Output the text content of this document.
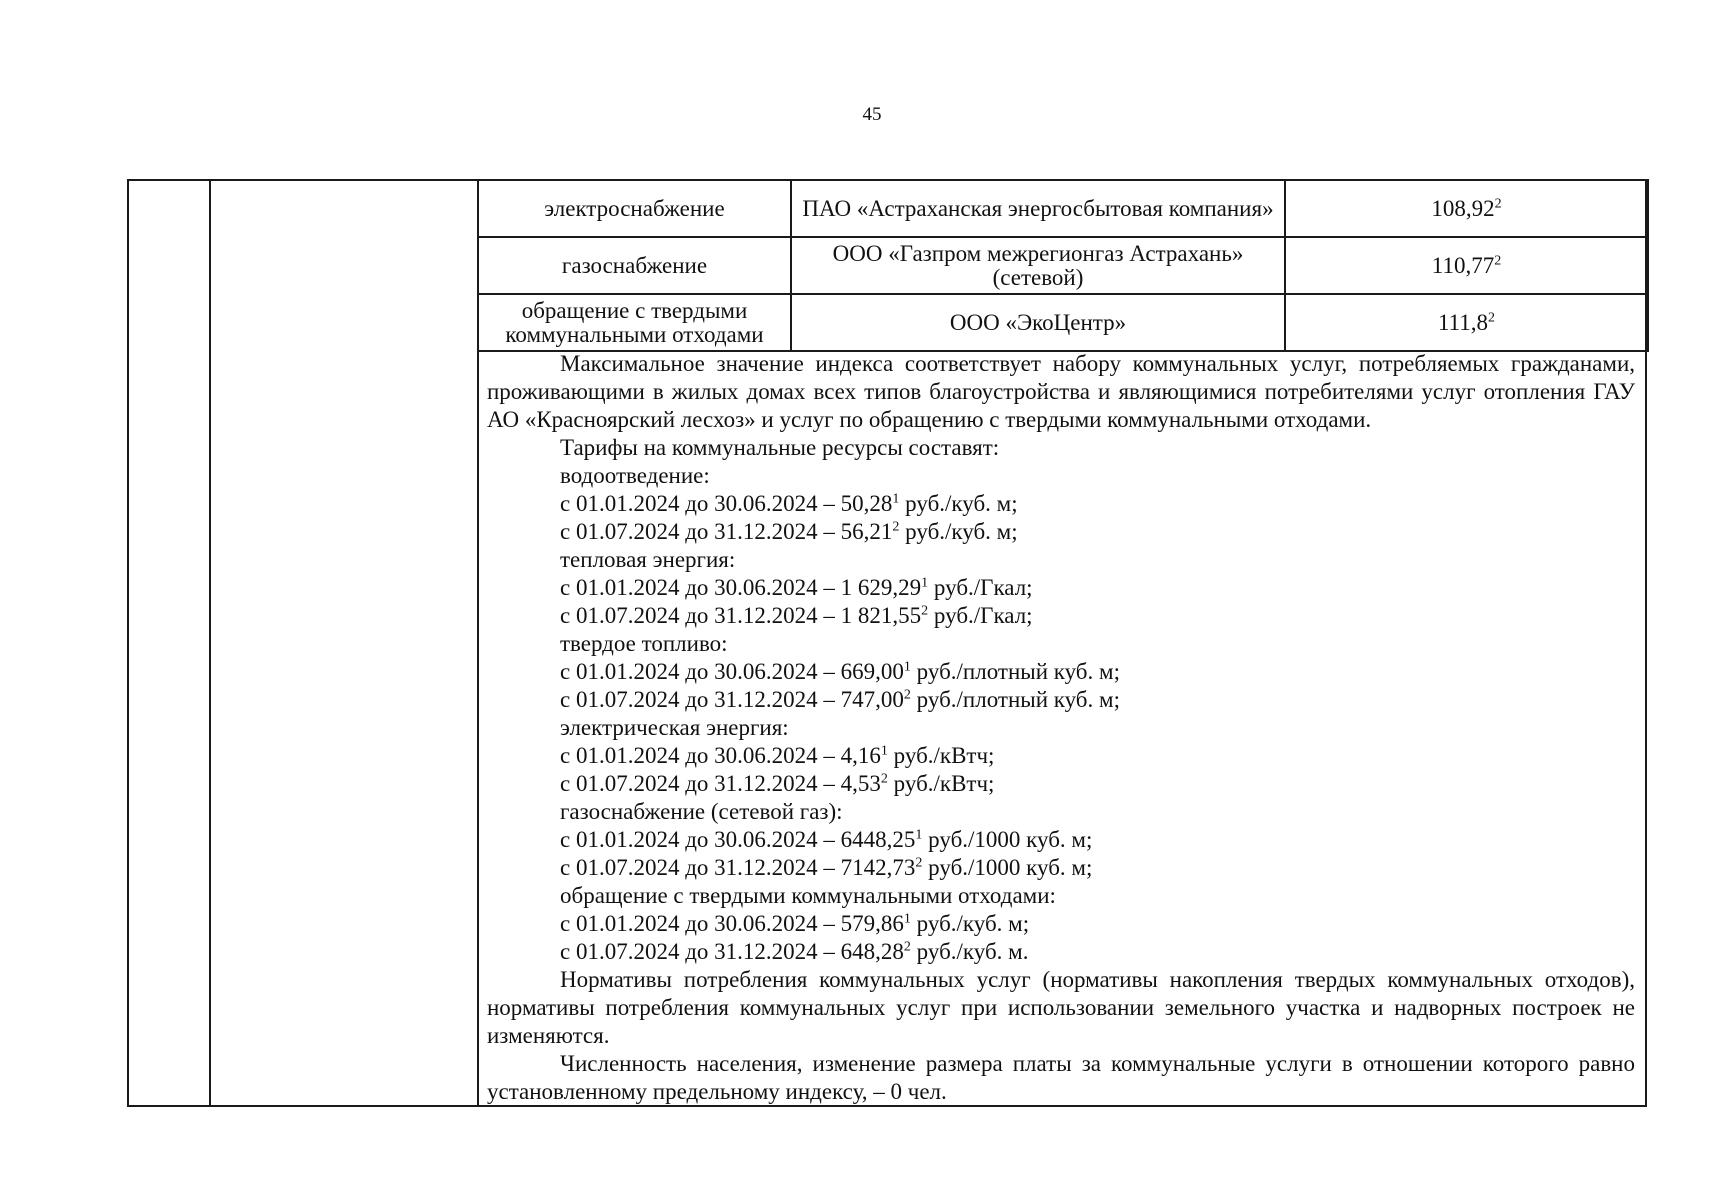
45
электроснабжение	ПАО «Астраханская энергосбытовая компания»	108,92$^2$
газоснабжение	ООО «Газпром межрегионгаз Астрахань» (сетевой)	110,77$^2$
обращение с твердыми коммунальными отходами	ООО «ЭкоЦентр»	111,8$^2$

Максимальное значение индекса соответствует набору коммунальных услуг, потребляемых гражданами, проживающими в жилых домах всех типов благоустройства и являющимися потребителями услуг отопления ГАУ АО «Красноярский лесхоз» и услуг по обращению с твердыми коммунальными отходами.

Тарифы на коммунальные ресурсы составят:
водоотведение:
с 01.01.2024 до 30.06.2024 – 50,28$^1$ руб./куб. м;
с 01.07.2024 до 31.12.2024 – 56,21$^2$ руб./куб. м;
тепловая энергия:
с 01.01.2024 до 30.06.2024 – 1 629,29$^1$ руб./Гкал;
с 01.07.2024 до 31.12.2024 – 1 821,55$^2$ руб./Гкал;
твердое топливо:
с 01.01.2024 до 30.06.2024 – 669,00$^1$ руб./плотный куб. м;
с 01.07.2024 до 31.12.2024 – 747,00$^2$ руб./плотный куб. м;
электрическая энергия:
с 01.01.2024 до 30.06.2024 – 4,16$^1$ руб./кВтч;
с 01.07.2024 до 31.12.2024 – 4,53$^2$ руб./кВтч;
газоснабжение (сетевой газ):
с 01.01.2024 до 30.06.2024 – 6448,25$^1$ руб./1000 куб. м;
с 01.07.2024 до 31.12.2024 – 7142,73$^2$ руб./1000 куб. м;
обращение с твердыми коммунальными отходами:
с 01.01.2024 до 30.06.2024 – 579,86$^1$ руб./куб. м;
с 01.07.2024 до 31.12.2024 – 648,28$^2$ руб./куб. м.

Нормативы потребления коммунальных услуг (нормативы накопления твердых коммунальных отходов), нормативы потребления коммунальных услуг при использовании земельного участка и надворных построек не изменяются.

Численность населения, изменение размера платы за коммунальные услуги в отношении которого равно установленному предельному индексу, – 0 чел.
